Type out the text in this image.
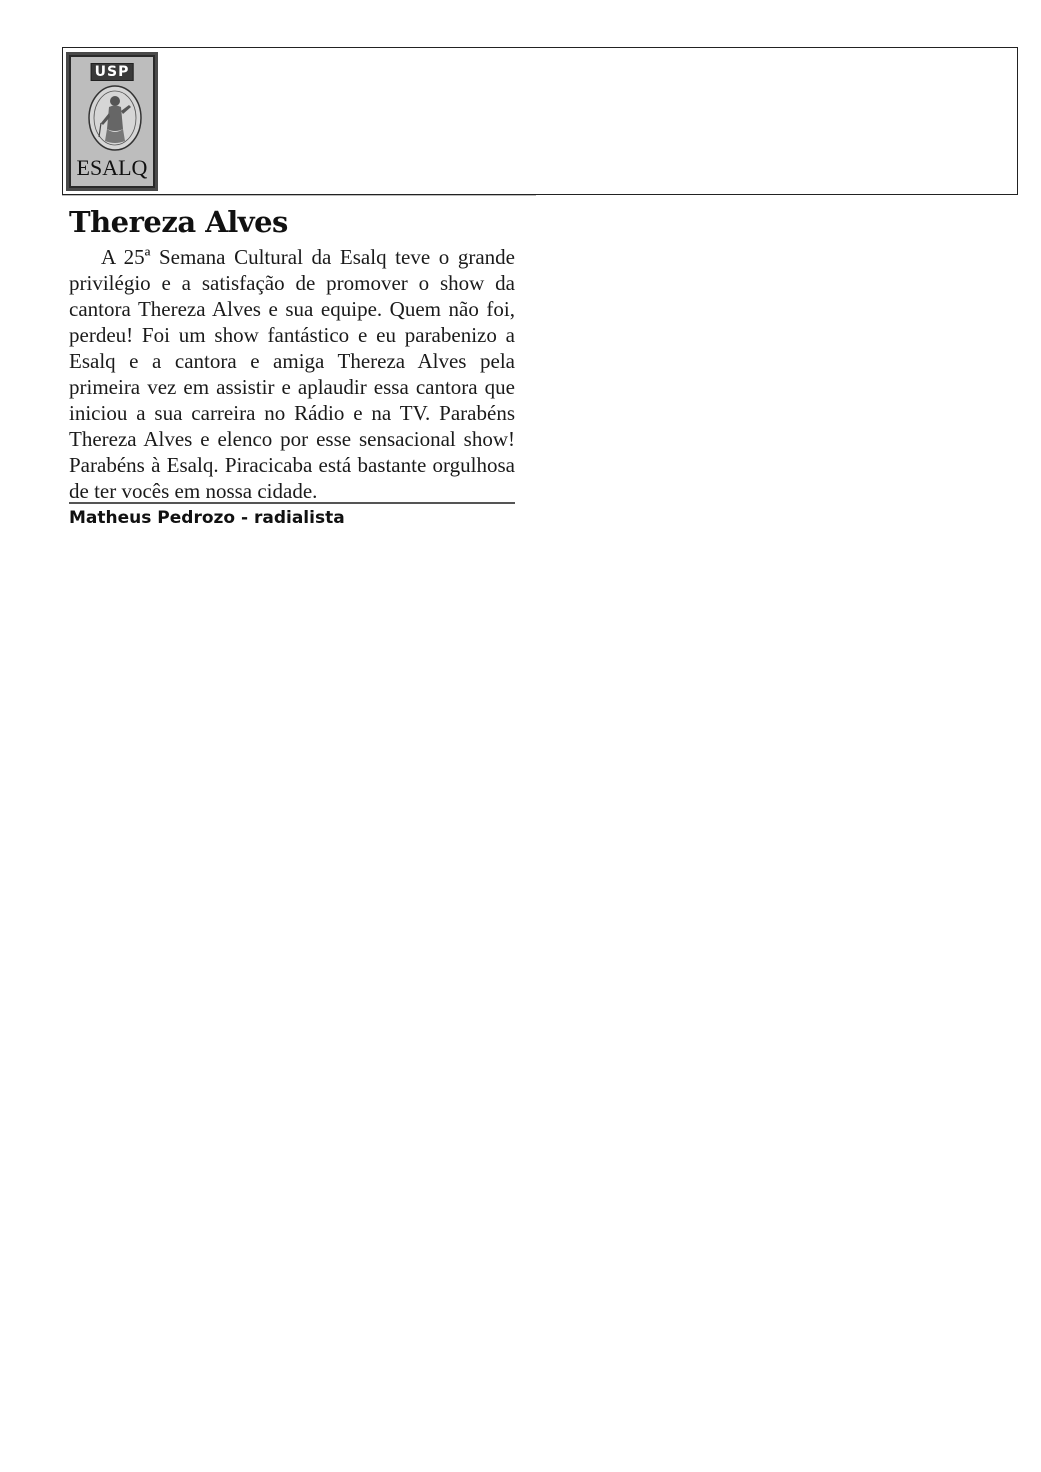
USP
ESALQ
Thereza Alves

A 25ª Semana Cultural da Esalq teve o grande privilégio e a satisfação de promover o show da cantora Thereza Alves e sua equipe. Quem não foi, perdeu! Foi um show fantástico e eu parabenizo a Esalq e a cantora e amiga Thereza Alves pela primeira vez em assistir e aplaudir essa cantora que iniciou a sua carreira no Rádio e na TV. Parabéns Thereza Alves e elenco por esse sensacional show! Parabéns à Esalq. Piracicaba está bastante orgulhosa de ter vocês em nossa cidade.

Matheus Pedrozo - radialista
